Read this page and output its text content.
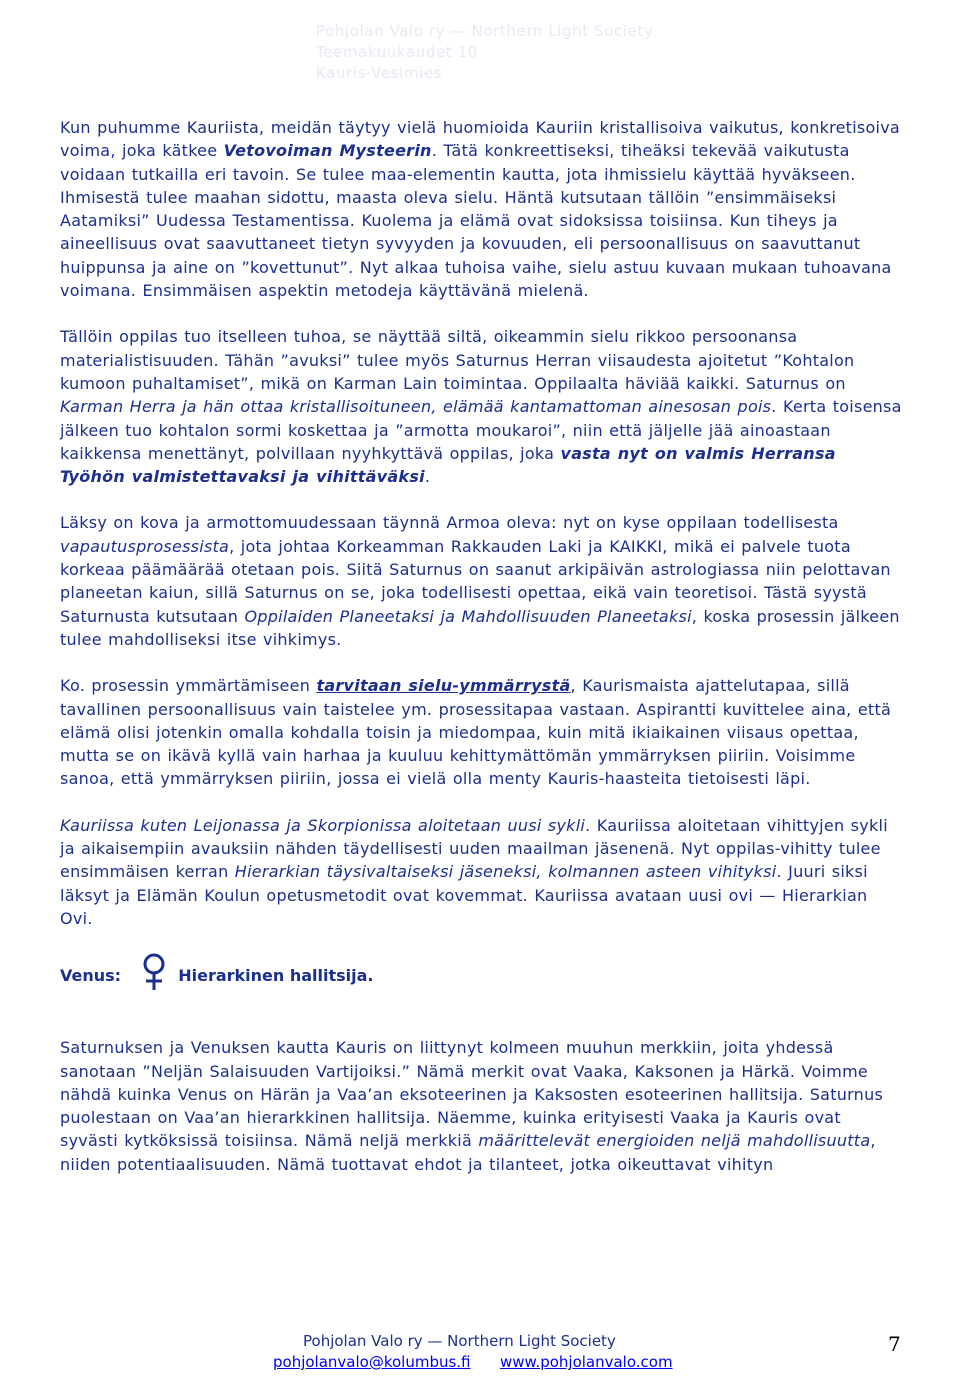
Pohjolan Valo ry — Northern Light Society
Teemakuukaudet 10
Kauris-Vesimies

Kun puhumme Kauriista, meidän täytyy vielä huomioida Kauriin kristallisoiva vaikutus, konkretisoiva voima, joka kätkee Vetovoiman Mysteerin. Tätä konkreettiseksi, tiheäksi tekevää vaikutusta voidaan tutkailla eri tavoin. Se tulee maa-elementin kautta, jota ihmissielu käyttää hyväkseen. Ihmisestä tulee maahan sidottu, maasta oleva sielu. Häntä kutsutaan tällöin ”ensimmäiseksi Aatamiksi” Uudessa Testamentissa. Kuolema ja elämä ovat sidoksissa toisiinsa. Kun tiheys ja aineellisuus ovat saavuttaneet tietyn syvyyden ja kovuuden, eli persoonallisuus on saavuttanut huippunsa ja aine on ”kovettunut”. Nyt alkaa tuhoisa vaihe, sielu astuu kuvaan mukaan tuhoavana voimana. Ensimmäisen aspektin metodeja käyttävänä mielenä.

Tällöin oppilas tuo itselleen tuhoa, se näyttää siltä, oikeammin sielu rikkoo persoonansa materialistisuuden. Tähän ”avuksi” tulee myös Saturnus Herran viisaudesta ajoitetut ”Kohtalon kumoon puhaltamiset”, mikä on Karman Lain toimintaa. Oppilaalta häviää kaikki. Saturnus on Karman Herra ja hän ottaa kristallisoituneen, elämää kantamattoman ainesosan pois. Kerta toisensa jälkeen tuo kohtalon sormi koskettaa ja ”armotta moukaroi”, niin että jäljelle jää ainoastaan kaikkensa menettänyt, polvillaan nyyhkyttävä oppilas, joka vasta nyt on valmis Herransa Työhön valmistettavaksi ja vihittäväksi.

Läksy on kova ja armottomuudessaan täynnä Armoa oleva: nyt on kyse oppilaan todellisesta vapautusprosessista, jota johtaa Korkeamman Rakkauden Laki ja KAIKKI, mikä ei palvele tuota korkeaa päämäärää otetaan pois. Siitä Saturnus on saanut arkipäivän astrologiassa niin pelottavan planeetan kaiun, sillä Saturnus on se, joka todellisesti opettaa, eikä vain teoretisoi. Tästä syystä Saturnusta kutsutaan Oppilaiden Planeetaksi ja Mahdollisuuden Planeetaksi, koska prosessin jälkeen tulee mahdolliseksi itse vihkimys.

Ko. prosessin ymmärtämiseen tarvitaan sielu-ymmärrystä, Kaurismaista ajattelutapaa, sillä tavallinen persoonallisuus vain taistelee ym. prosessitapaa vastaan. Aspirantti kuvittelee aina, että elämä olisi jotenkin omalla kohdalla toisin ja miedompaa, kuin mitä ikiaikainen viisaus opettaa, mutta se on ikävä kyllä vain harhaa ja kuuluu kehittymättömän ymmärryksen piiriin. Voisimme sanoa, että ymmärryksen piiriin, jossa ei vielä olla menty Kauris-haasteita tietoisesti läpi.

Kauriissa kuten Leijonassa ja Skorpionissa aloitetaan uusi sykli. Kauriissa aloitetaan vihittyjen sykli ja aikaisempiin avauksiin nähden täydellisesti uuden maailman jäsenenä. Nyt oppilas-vihitty tulee ensimmäisen kerran Hierarkian täysivaltaiseksi jäseneksi, kolmannen asteen vihityksi. Juuri siksi läksyt ja Elämän Koulun opetusmetodit ovat kovemmat. Kauriissa avataan uusi ovi — Hierarkian Ovi.

Venus:	Hierarkinen hallitsija.

Saturnuksen ja Venuksen kautta Kauris on liittynyt kolmeen muuhun merkkiin, joita yhdessä sanotaan ”Neljän Salaisuuden Vartijoiksi.” Nämä merkit ovat Vaaka, Kaksonen ja Härkä. Voimme nähdä kuinka Venus on Härän ja Vaa’an eksoteerinen ja Kaksosten esoteerinen hallitsija. Saturnus puolestaan on Vaa’an hierarkkinen hallitsija. Näemme, kuinka erityisesti Vaaka ja Kauris ovat syvästi kytköksissä toisiinsa. Nämä neljä merkkiä määrittelevät energioiden neljä mahdollisuutta, niiden potentiaalisuuden. Nämä tuottavat ehdot ja tilanteet, jotka oikeuttavat vihityn

Pohjolan Valo ry — Northern Light Society
pohjolanvalo@kolumbus.fi www.pohjolanvalo.com
7
